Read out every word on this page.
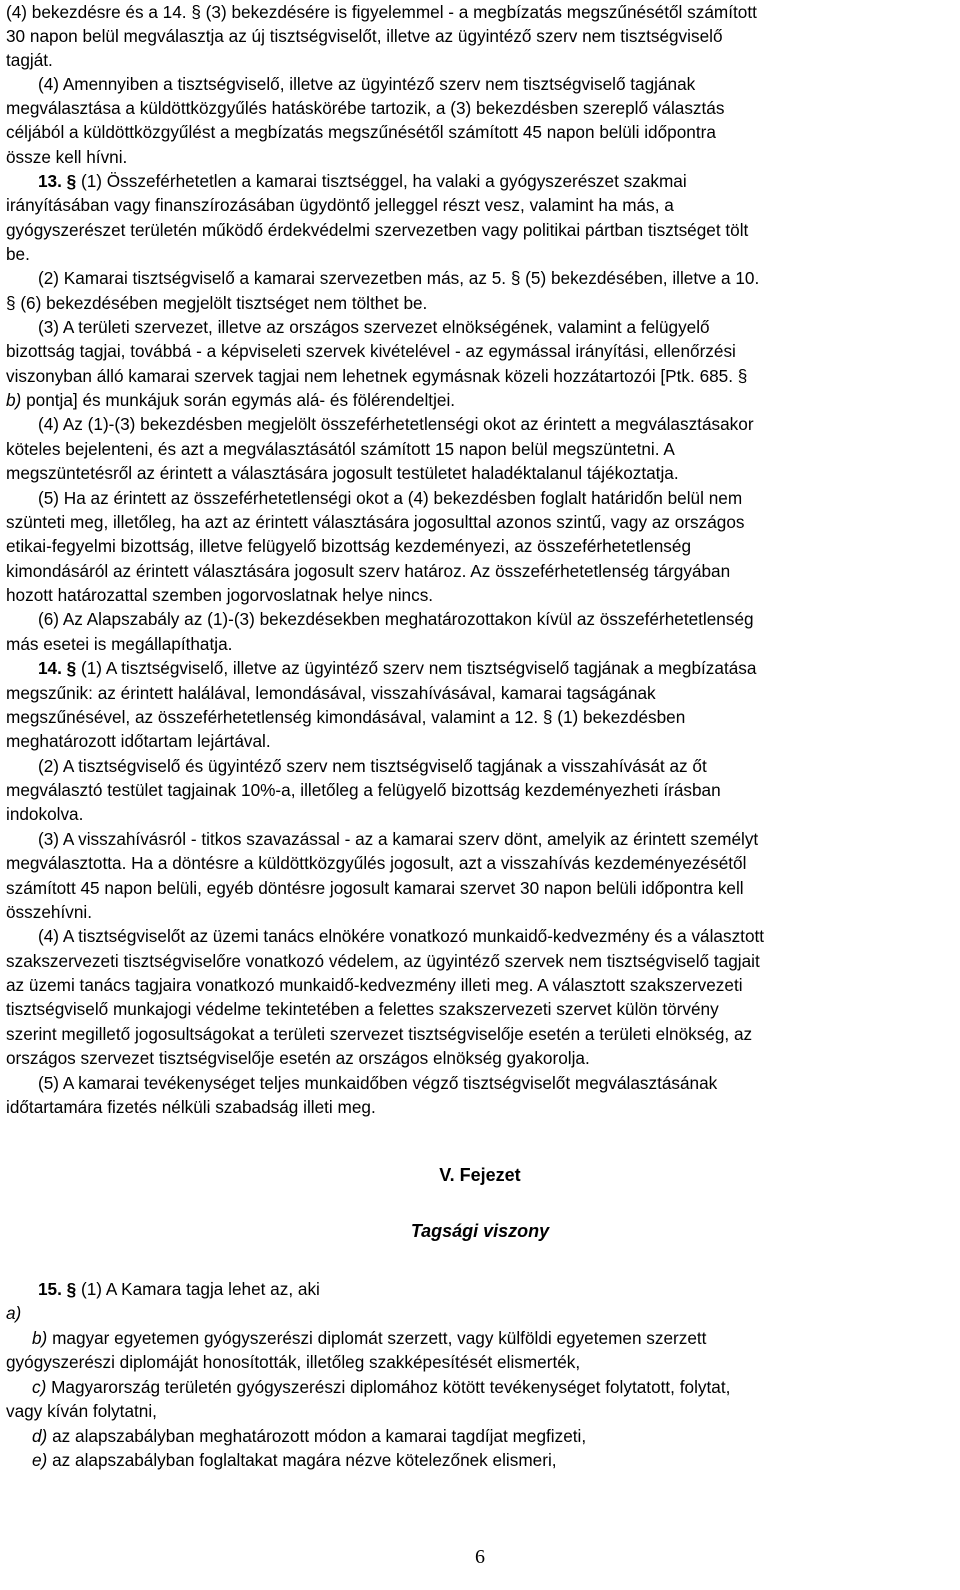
(4) bekezdésre és a 14. § (3) bekezdésére is figyelemmel - a megbízatás megszűnésétől számított
30 napon belül megválasztja az új tisztségviselőt, illetve az ügyintéző szerv nem tisztségviselő
tagját.
(4) Amennyiben a tisztségviselő, illetve az ügyintéző szerv nem tisztségviselő tagjának
megválasztása a küldöttközgyűlés hatáskörébe tartozik, a (3) bekezdésben szereplő választás
céljából a küldöttközgyűlést a megbízatás megszűnésétől számított 45 napon belüli időpontra
össze kell hívni.
13. § (1) Összeférhetetlen a kamarai tisztséggel, ha valaki a gyógyszerészet szakmai
irányításában vagy finanszírozásában ügydöntő jelleggel részt vesz, valamint ha más, a
gyógyszerészet területén működő érdekvédelmi szervezetben vagy politikai pártban tisztséget tölt
be.
(2) Kamarai tisztségviselő a kamarai szervezetben más, az 5. § (5) bekezdésében, illetve a 10.
§ (6) bekezdésében megjelölt tisztséget nem tölthet be.
(3) A területi szervezet, illetve az országos szervezet elnökségének, valamint a felügyelő
bizottság tagjai, továbbá - a képviseleti szervek kivételével - az egymással irányítási, ellenőrzési
viszonyban álló kamarai szervek tagjai nem lehetnek egymásnak közeli hozzátartozói [Ptk. 685. §
b) pontja] és munkájuk során egymás alá- és fölérendeltjei.
(4) Az (1)-(3) bekezdésben megjelölt összeférhetetlenségi okot az érintett a megválasztásakor
köteles bejelenteni, és azt a megválasztásától számított 15 napon belül megszüntetni. A
megszüntetésről az érintett a választására jogosult testületet haladéktalanul tájékoztatja.
(5) Ha az érintett az összeférhetetlenségi okot a (4) bekezdésben foglalt határidőn belül nem
szünteti meg, illetőleg, ha azt az érintett választására jogosulttal azonos szintű, vagy az országos
etikai-fegyelmi bizottság, illetve felügyelő bizottság kezdeményezi, az összeférhetetlenség
kimondásáról az érintett választására jogosult szerv határoz. Az összeférhetetlenség tárgyában
hozott határozattal szemben jogorvoslatnak helye nincs.
(6) Az Alapszabály az (1)-(3) bekezdésekben meghatározottakon kívül az összeférhetetlenség
más esetei is megállapíthatja.
14. § (1) A tisztségviselő, illetve az ügyintéző szerv nem tisztségviselő tagjának a megbízatása
megszűnik: az érintett halálával, lemondásával, visszahívásával, kamarai tagságának
megszűnésével, az összeférhetetlenség kimondásával, valamint a 12. § (1) bekezdésben
meghatározott időtartam lejártával.
(2) A tisztségviselő és ügyintéző szerv nem tisztségviselő tagjának a visszahívását az őt
megválasztó testület tagjainak 10%-a, illetőleg a felügyelő bizottság kezdeményezheti írásban
indokolva.
(3) A visszahívásról - titkos szavazással - az a kamarai szerv dönt, amelyik az érintett személyt
megválasztotta. Ha a döntésre a küldöttközgyűlés jogosult, azt a visszahívás kezdeményezésétől
számított 45 napon belüli, egyéb döntésre jogosult kamarai szervet 30 napon belüli időpontra kell
összehívni.
(4) A tisztségviselőt az üzemi tanács elnökére vonatkozó munkaidő-kedvezmény és a választott
szakszervezeti tisztségviselőre vonatkozó védelem, az ügyintéző szervek nem tisztségviselő tagjait
az üzemi tanács tagjaira vonatkozó munkaidő-kedvezmény illeti meg. A választott szakszervezeti
tisztségviselő munkajogi védelme tekintetében a felettes szakszervezeti szervet külön törvény
szerint megillető jogosultságokat a területi szervezet tisztségviselője esetén a területi elnökség, az
országos szervezet tisztségviselője esetén az országos elnökség gyakorolja.
(5) A kamarai tevékenységet teljes munkaidőben végző tisztségviselőt megválasztásának
időtartamára fizetés nélküli szabadság illeti meg.
V. Fejezet
Tagsági viszony
15. § (1) A Kamara tagja lehet az, aki
a)
b) magyar egyetemen gyógyszerészi diplomát szerzett, vagy külföldi egyetemen szerzett
gyógyszerészi diplomáját honosították, illetőleg szakképesítését elismerték,
c) Magyarország területén gyógyszerészi diplomához kötött tevékenységet folytatott, folytat,
vagy kíván folytatni,
d) az alapszabályban meghatározott módon a kamarai tagdíjat megfizeti,
e) az alapszabályban foglaltakat magára nézve kötelezőnek elismeri,
6
